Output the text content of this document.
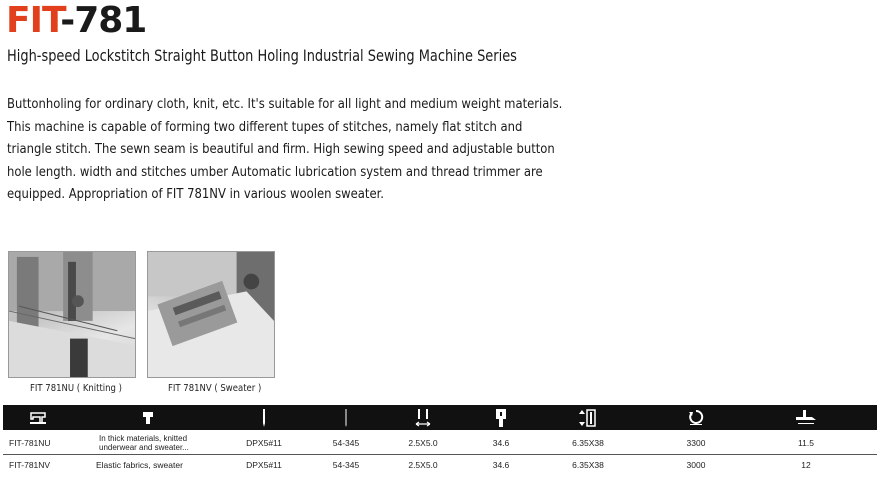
FIT-781
High-speed Lockstitch Straight Button Holing Industrial Sewing Machine Series
Buttonholing for ordinary cloth, knit, etc. It's suitable for all light and medium weight materials.
This machine is capable of forming two different tupes of stitches, namely flat stitch and
triangle stitch. The sewn seam is beautiful and firm. High sewing speed and adjustable button
hole length. width and stitches umber Automatic lubrication system and thread trimmer are
equipped. Appropriation of FIT 781NV in various woolen sweater.
FIT 781NU ( Knitting )	FIT 781NV ( Sweater )
FIT-781NU	In thick materials, knitted underwear and sweater...	DPX5#11	54-345	2.5X5.0	34.6	6.35X38	3300	11.5
FIT-781NV	Elastic fabrics, sweater	DPX5#11	54-345	2.5X5.0	34.6	6.35X38	3000	12
